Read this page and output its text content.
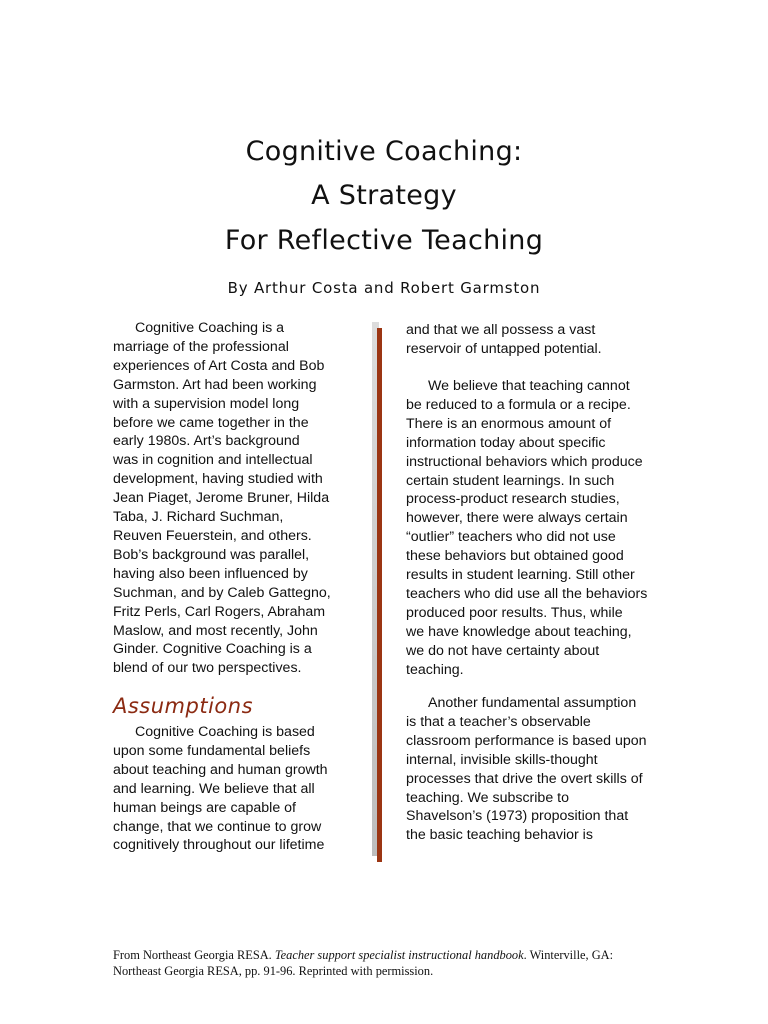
Cognitive Coaching:
A Strategy
For Reflective Teaching
By Arthur Costa and Robert Garmston

Cognitive Coaching is a

marriage of the professional

experiences of Art Costa and Bob

Garmston. Art had been working

with a supervision model long

before we came together in the

early 1980s. Art’s background

was in cognition and intellectual

development, having studied with

Jean Piaget, Jerome Bruner, Hilda

Taba, J. Richard Suchman,

Reuven Feuerstein, and others.

Bob’s background was parallel,

having also been influenced by

Suchman, and by Caleb Gattegno,

Fritz Perls, Carl Rogers, Abraham

Maslow, and most recently, John

Ginder. Cognitive Coaching is a

blend of our two perspectives.

Assumptions

Cognitive Coaching is based

upon some fundamental beliefs

about teaching and human growth

and learning. We believe that all

human beings are capable of

change, that we continue to grow

cognitively throughout our lifetime

and that we all possess a vast

reservoir of untapped potential.

We believe that teaching cannot

be reduced to a formula or a recipe.

There is an enormous amount of

information today about specific

instructional behaviors which produce

certain student learnings. In such

process-product research studies,

however, there were always certain

“outlier” teachers who did not use

these behaviors but obtained good

results in student learning. Still other

teachers who did use all the behaviors

produced poor results. Thus, while

we have knowledge about teaching,

we do not have certainty about

teaching.

Another fundamental assumption

is that a teacher’s observable

classroom performance is based upon

internal, invisible skills-thought

processes that drive the overt skills of

teaching. We subscribe to

Shavelson’s (1973) proposition that

the basic teaching behavior is

From Northeast Georgia RESA. Teacher support specialist instructional handbook. Winterville, GA:

Northeast Georgia RESA, pp. 91-96. Reprinted with permission.
